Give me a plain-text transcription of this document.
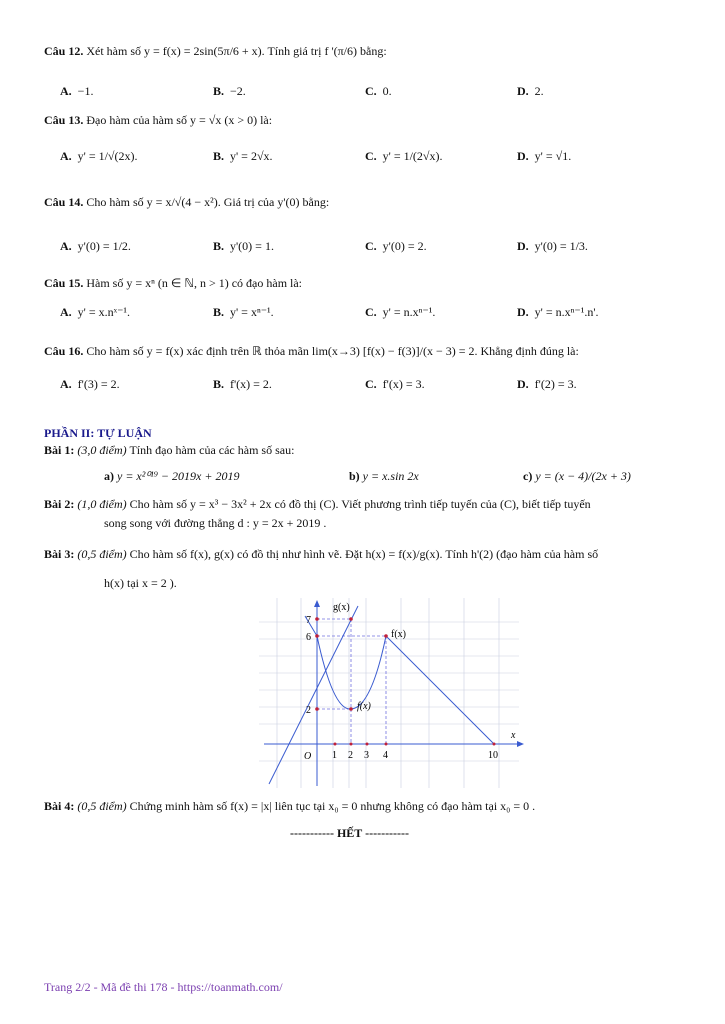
Câu 12. Xét hàm số y = f(x) = 2sin(5π/6 + x). Tính giá trị f '(π/6) bằng:
A. −1.	B. −2.	C. 0.	D. 2.
Câu 13. Đạo hàm của hàm số y = √x (x > 0) là:
A. y' = 1/√(2x).	B. y' = 2√x.	C. y' = 1/(2√x).	D. y' = √1.
Câu 14. Cho hàm số y = x/√(4 − x²). Giá trị của y'(0) bằng:
A. y'(0) = 1/2.	B. y'(0) = 1.	C. y'(0) = 2.	D. y'(0) = 1/3.
Câu 15. Hàm số y = xⁿ (n ∈ ℕ, n > 1) có đạo hàm là:
A. y' = x.nˣ⁻¹.	B. y' = xⁿ⁻¹.	C. y' = n.xⁿ⁻¹.	D. y' = n.xⁿ⁻¹.n'.
Câu 16. Cho hàm số y = f(x) xác định trên ℝ thỏa mãn lim(x→3) [f(x) − f(3)]/(x − 3) = 2. Khẳng định đúng là:
A. f'(3) = 2.	B. f'(x) = 2.	C. f'(x) = 3.	D. f'(2) = 3.
PHẦN II: TỰ LUẬN
Bài 1: (3,0 điểm) Tính đạo hàm của các hàm số sau:
a) y = x²⁰¹⁹ − 2019x + 2019	b) y = x.sin 2x	c) y = (x − 4)/(2x + 3)
Bài 2: (1,0 điểm) Cho hàm số y = x³ − 3x² + 2x có đồ thị (C). Viết phương trình tiếp tuyến của (C), biết tiếp tuyến
song song với đường thẳng d : y = 2x + 2019 .
Bài 3: (0,5 điểm) Cho hàm số f(x), g(x) có đồ thị như hình vẽ. Đặt h(x) = f(x)/g(x). Tính h'(2) (đạo hàm của hàm số
h(x) tại x = 2 ).
g(x)
f(x)
f(x)
x
O
7
6
2
1 2 3 4	10
Bài 4: (0,5 điểm) Chứng minh hàm số f(x) = |x| liên tục tại x₀ = 0 nhưng không có đạo hàm tại x₀ = 0 .
----------- HẾT -----------
Trang 2/2 - Mã đề thi 178 - https://toanmath.com/
